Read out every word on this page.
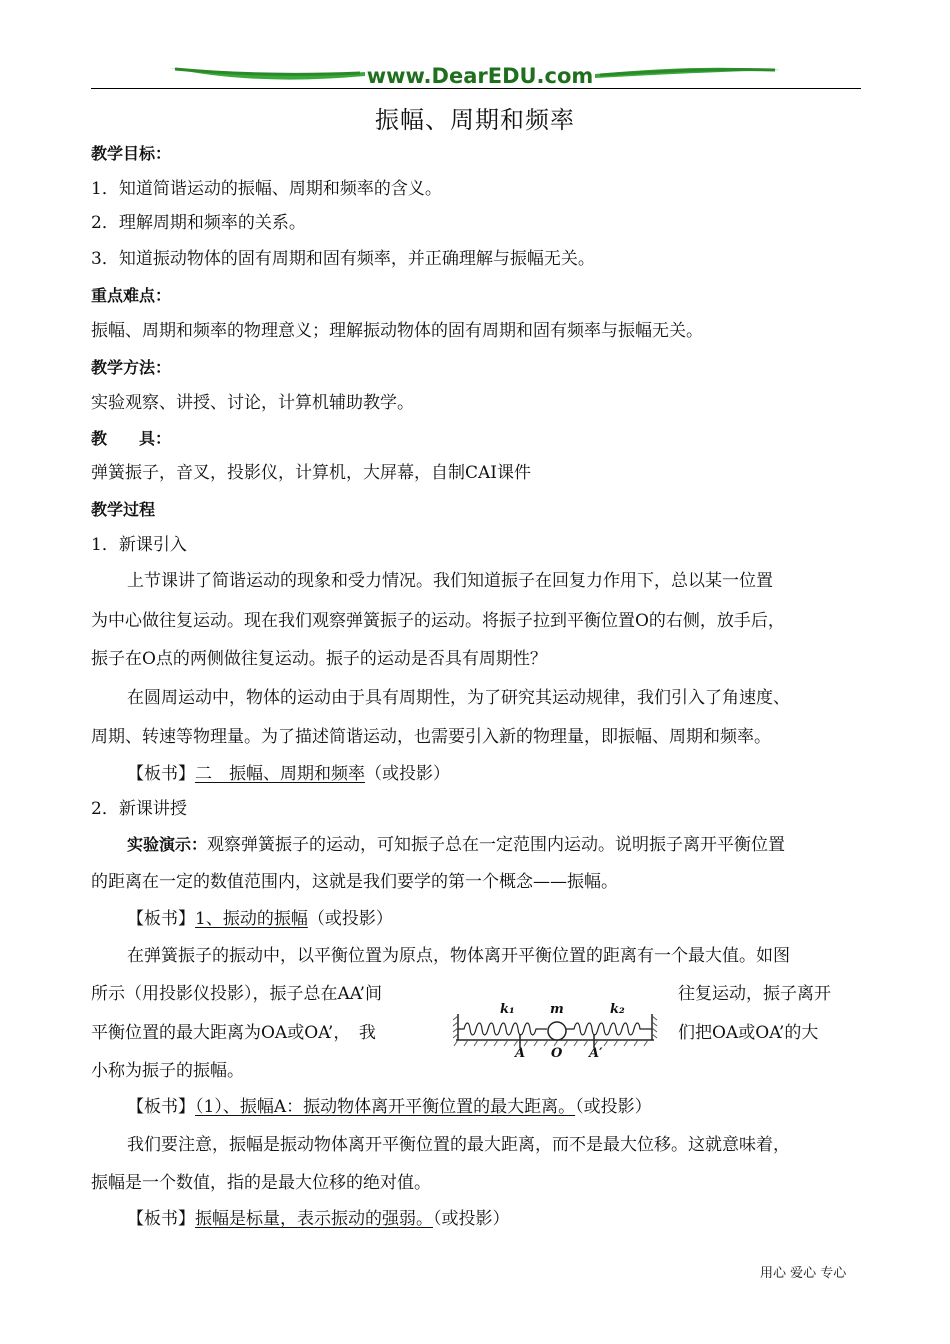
www.DearEDU.com
振幅、周期和频率
教学目标：
1．知道简谐运动的振幅、周期和频率的含义。
2．理解周期和频率的关系。
3．知道振动物体的固有周期和固有频率，并正确理解与振幅无关。
重点难点：
振幅、周期和频率的物理意义；理解振动物体的固有周期和固有频率与振幅无关。
教学方法：
实验观察、讲授、讨论，计算机辅助教学。
教　　具：
弹簧振子，音叉，投影仪，计算机，大屏幕，自制CAI课件
教学过程
1．新课引入
上节课讲了简谐运动的现象和受力情况。我们知道振子在回复力作用下，总以某一位置
为中心做往复运动。现在我们观察弹簧振子的运动。将振子拉到平衡位置O的右侧，放手后，
振子在O点的两侧做往复运动。振子的运动是否具有周期性？
在圆周运动中，物体的运动由于具有周期性，为了研究其运动规律，我们引入了角速度、
周期、转速等物理量。为了描述简谐运动，也需要引入新的物理量，即振幅、周期和频率。
【板书】二　振幅、周期和频率（或投影）
2．新课讲授
实验演示：观察弹簧振子的运动，可知振子总在一定范围内运动。说明振子离开平衡位置
的距离在一定的数值范围内，这就是我们要学的第一个概念——振幅。
【板书】1、振动的振幅（或投影）
在弹簧振子的振动中，以平衡位置为原点，物体离开平衡位置的距离有一个最大值。如图
所示（用投影仪投影），振子总在AA’间	往复运动，振子离开
平衡位置的最大距离为OA或OA’，　我	们把OA或OA’的大
小称为振子的振幅。
k₁	m	k₂
A O A′
【板书】（1）、振幅A：振动物体离开平衡位置的最大距离。（或投影）
我们要注意，振幅是振动物体离开平衡位置的最大距离，而不是最大位移。这就意味着，
振幅是一个数值，指的是最大位移的绝对值。
【板书】振幅是标量，表示振动的强弱。（或投影）
用心 爱心 专心
